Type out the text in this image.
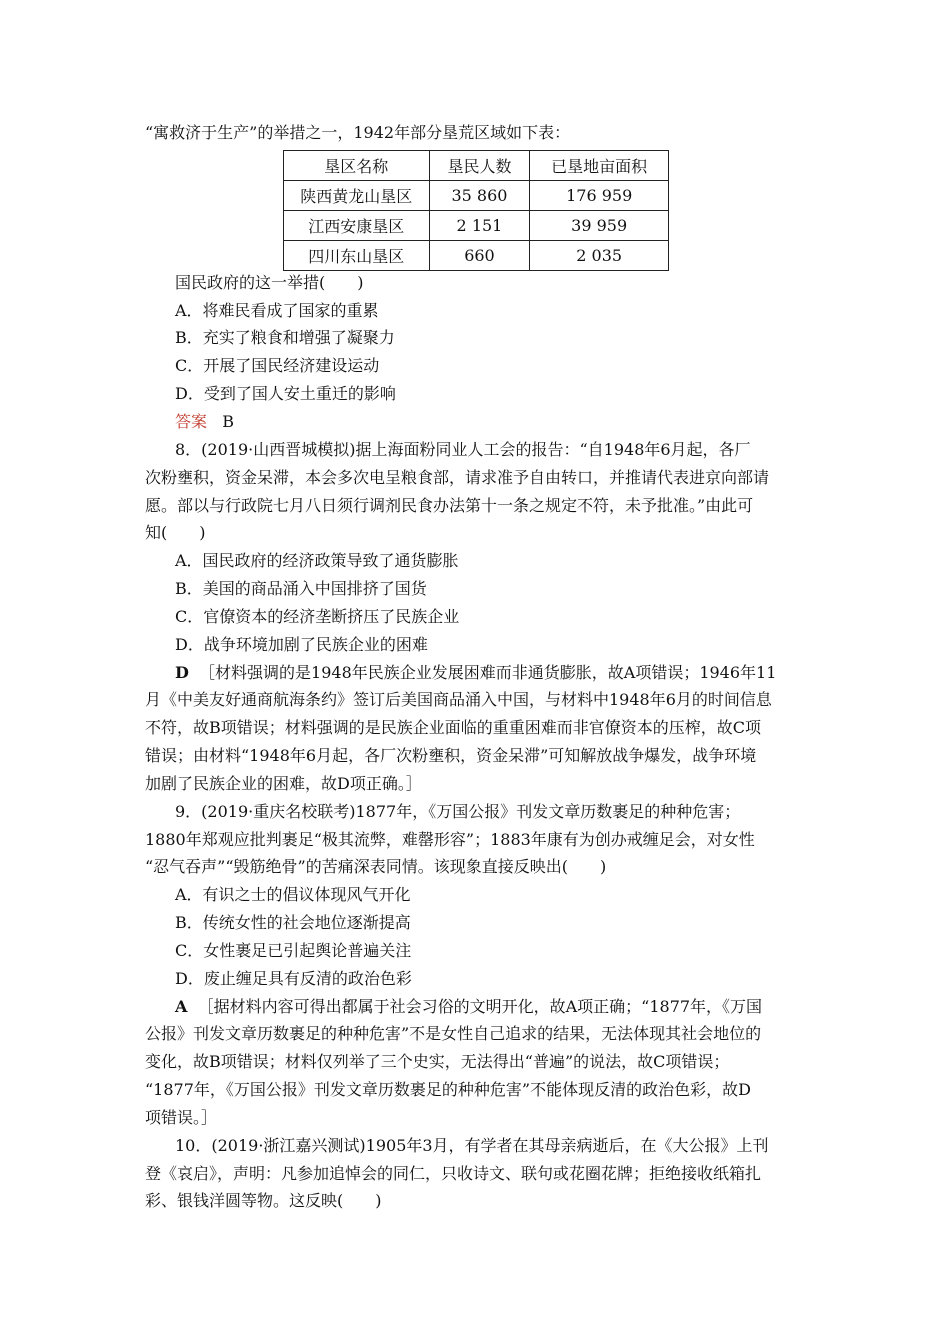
“寓救济于生产”的举措之一，1942年部分垦荒区域如下表：
垦区名称	垦民人数	已垦地亩面积
陕西黄龙山垦区	35 860	176 959
江西安康垦区	2 151	39 959
四川东山垦区	660	2 035
国民政府的这一举措(　　)
A．将难民看成了国家的重累
B．充实了粮食和增强了凝聚力
C．开展了国民经济建设运动
D．受到了国人安土重迁的影响
答案 B
8．(2019·山西晋城模拟)据上海面粉同业人工会的报告：“自1948年6月起，各厂
次粉壅积，资金呆滞，本会多次电呈粮食部，请求准予自由转口，并推请代表进京向部请
愿。部以与行政院七月八日须行调剂民食办法第十一条之规定不符，未予批准。”由此可
知(　　)
A．国民政府的经济政策导致了通货膨胀
B．美国的商品涌入中国排挤了国货
C．官僚资本的经济垄断挤压了民族企业
D．战争环境加剧了民族企业的困难
D ［材料强调的是1948年民族企业发展困难而非通货膨胀，故A项错误；1946年11
月《中美友好通商航海条约》签订后美国商品涌入中国，与材料中1948年6月的时间信息
不符，故B项错误；材料强调的是民族企业面临的重重困难而非官僚资本的压榨，故C项
错误；由材料“1948年6月起，各厂次粉壅积，资金呆滞”可知解放战争爆发，战争环境
加剧了民族企业的困难，故D项正确。］
9．(2019·重庆名校联考)1877年，《万国公报》刊发文章历数裹足的种种危害；
1880年郑观应批判裹足“极其流弊，难罄形容”；1883年康有为创办戒缠足会，对女性
“忍气吞声”“毁筋绝骨”的苦痛深表同情。该现象直接反映出(　　)
A．有识之士的倡议体现风气开化
B．传统女性的社会地位逐渐提高
C．女性裹足已引起舆论普遍关注
D．废止缠足具有反清的政治色彩
A ［据材料内容可得出都属于社会习俗的文明开化，故A项正确；“1877年，《万国
公报》刊发文章历数裹足的种种危害”不是女性自己追求的结果，无法体现其社会地位的
变化，故B项错误；材料仅列举了三个史实，无法得出“普遍”的说法，故C项错误；
“1877年，《万国公报》刊发文章历数裹足的种种危害”不能体现反清的政治色彩，故D
项错误。］
10．(2019·浙江嘉兴测试)1905年3月，有学者在其母亲病逝后，在《大公报》上刊
登《哀启》，声明：凡参加追悼会的同仁，只收诗文、联句或花圈花牌；拒绝接收纸箱扎
彩、银钱洋圆等物。这反映(　　)
